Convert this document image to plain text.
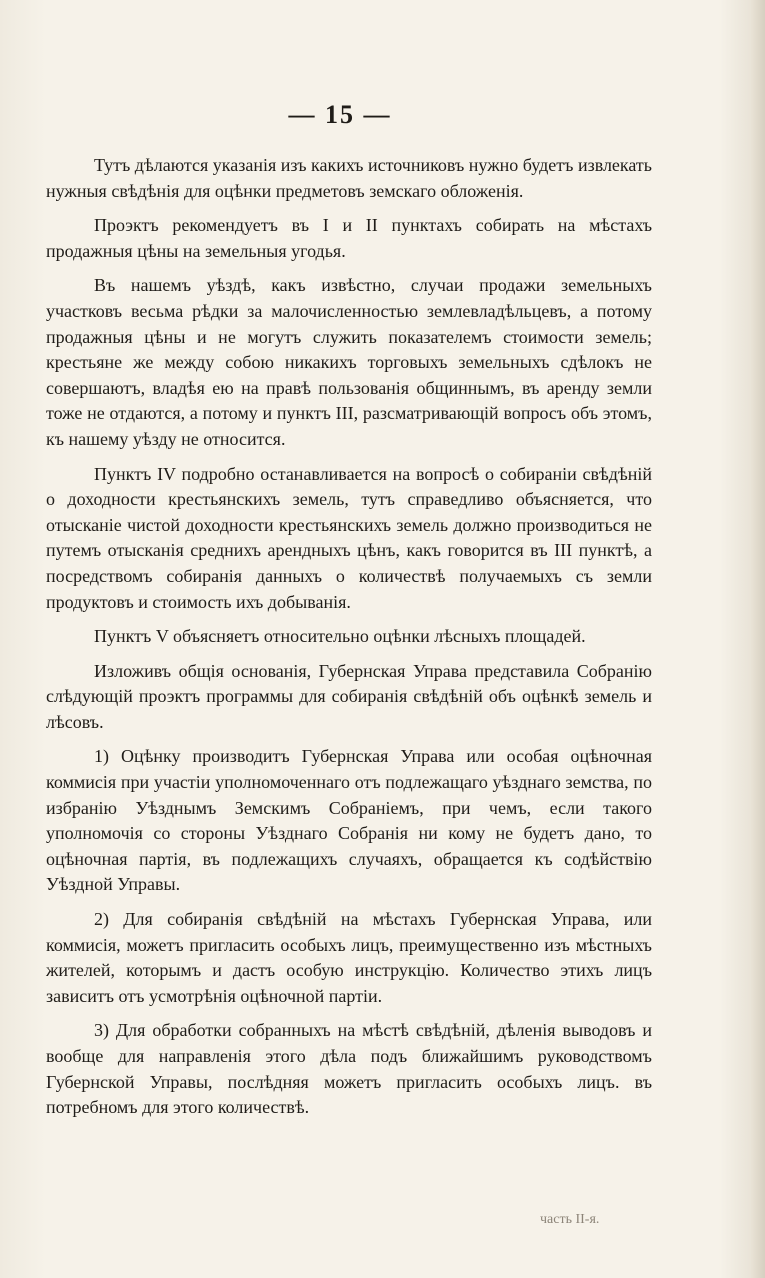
— 15 —

Тутъ дѣлаются указанія изъ какихъ источниковъ нужно будетъ извлекать нужныя свѣдѣнія для оцѣнки предметовъ земскаго обложенія.

Проэктъ рекомендуетъ въ I и II пунктахъ собирать на мѣстахъ продажныя цѣны на земельныя угодья.

Въ нашемъ уѣздѣ, какъ извѣстно, случаи продажи земельныхъ участковъ весьма рѣдки за малочисленностью землевладѣльцевъ, а потому продажныя цѣны и не могутъ служить показателемъ стоимости земель; крестьяне же между собою никакихъ торговыхъ земельныхъ сдѣлокъ не совершаютъ, владѣя ею на правѣ пользованія общиннымъ, въ аренду земли тоже не отдаются, а потому и пунктъ III, разсматривающій вопросъ объ этомъ, къ нашему уѣзду не относится.

Пунктъ IV подробно останавливается на вопросѣ о собираніи свѣдѣній о доходности крестьянскихъ земель, тутъ справедливо объясняется, что отысканіе чистой доходности крестьянскихъ земель должно производиться не путемъ отысканія среднихъ арендныхъ цѣнъ, какъ говорится въ III пунктѣ, а посредствомъ собиранія данныхъ о количествѣ получаемыхъ съ земли продуктовъ и стоимость ихъ добыванія.

Пунктъ V объясняетъ относительно оцѣнки лѣсныхъ площадей.

Изложивъ общія основанія, Губернская Управа представила Собранію слѣдующій проэктъ программы для собиранія свѣдѣній объ оцѣнкѣ земель и лѣсовъ.

1) Оцѣнку производитъ Губернская Управа или особая оцѣночная коммисія при участіи уполномоченнаго отъ подлежащаго уѣзднаго земства, по избранію Уѣзднымъ Земскимъ Собраніемъ, при чемъ, если такого уполномочія со стороны Уѣзднаго Собранія ни кому не будетъ дано, то оцѣночная партія, въ подлежащихъ случаяхъ, обращается къ содѣйствію Уѣздной Управы.

2) Для собиранія свѣдѣній на мѣстахъ Губернская Управа, или коммисія, можетъ пригласить особыхъ лицъ, преимущественно изъ мѣстныхъ жителей, которымъ и дастъ особую инструкцію. Количество этихъ лицъ зависитъ отъ усмотрѣнія оцѣночной партіи.

3) Для обработки собранныхъ на мѣстѣ свѣдѣній, дѣленія выводовъ и вообще для направленія этого дѣла подъ ближайшимъ руководствомъ Губернской Управы, послѣдняя можетъ пригласить особыхъ лицъ. въ потребномъ для этого количествѣ.

часть II-я.
